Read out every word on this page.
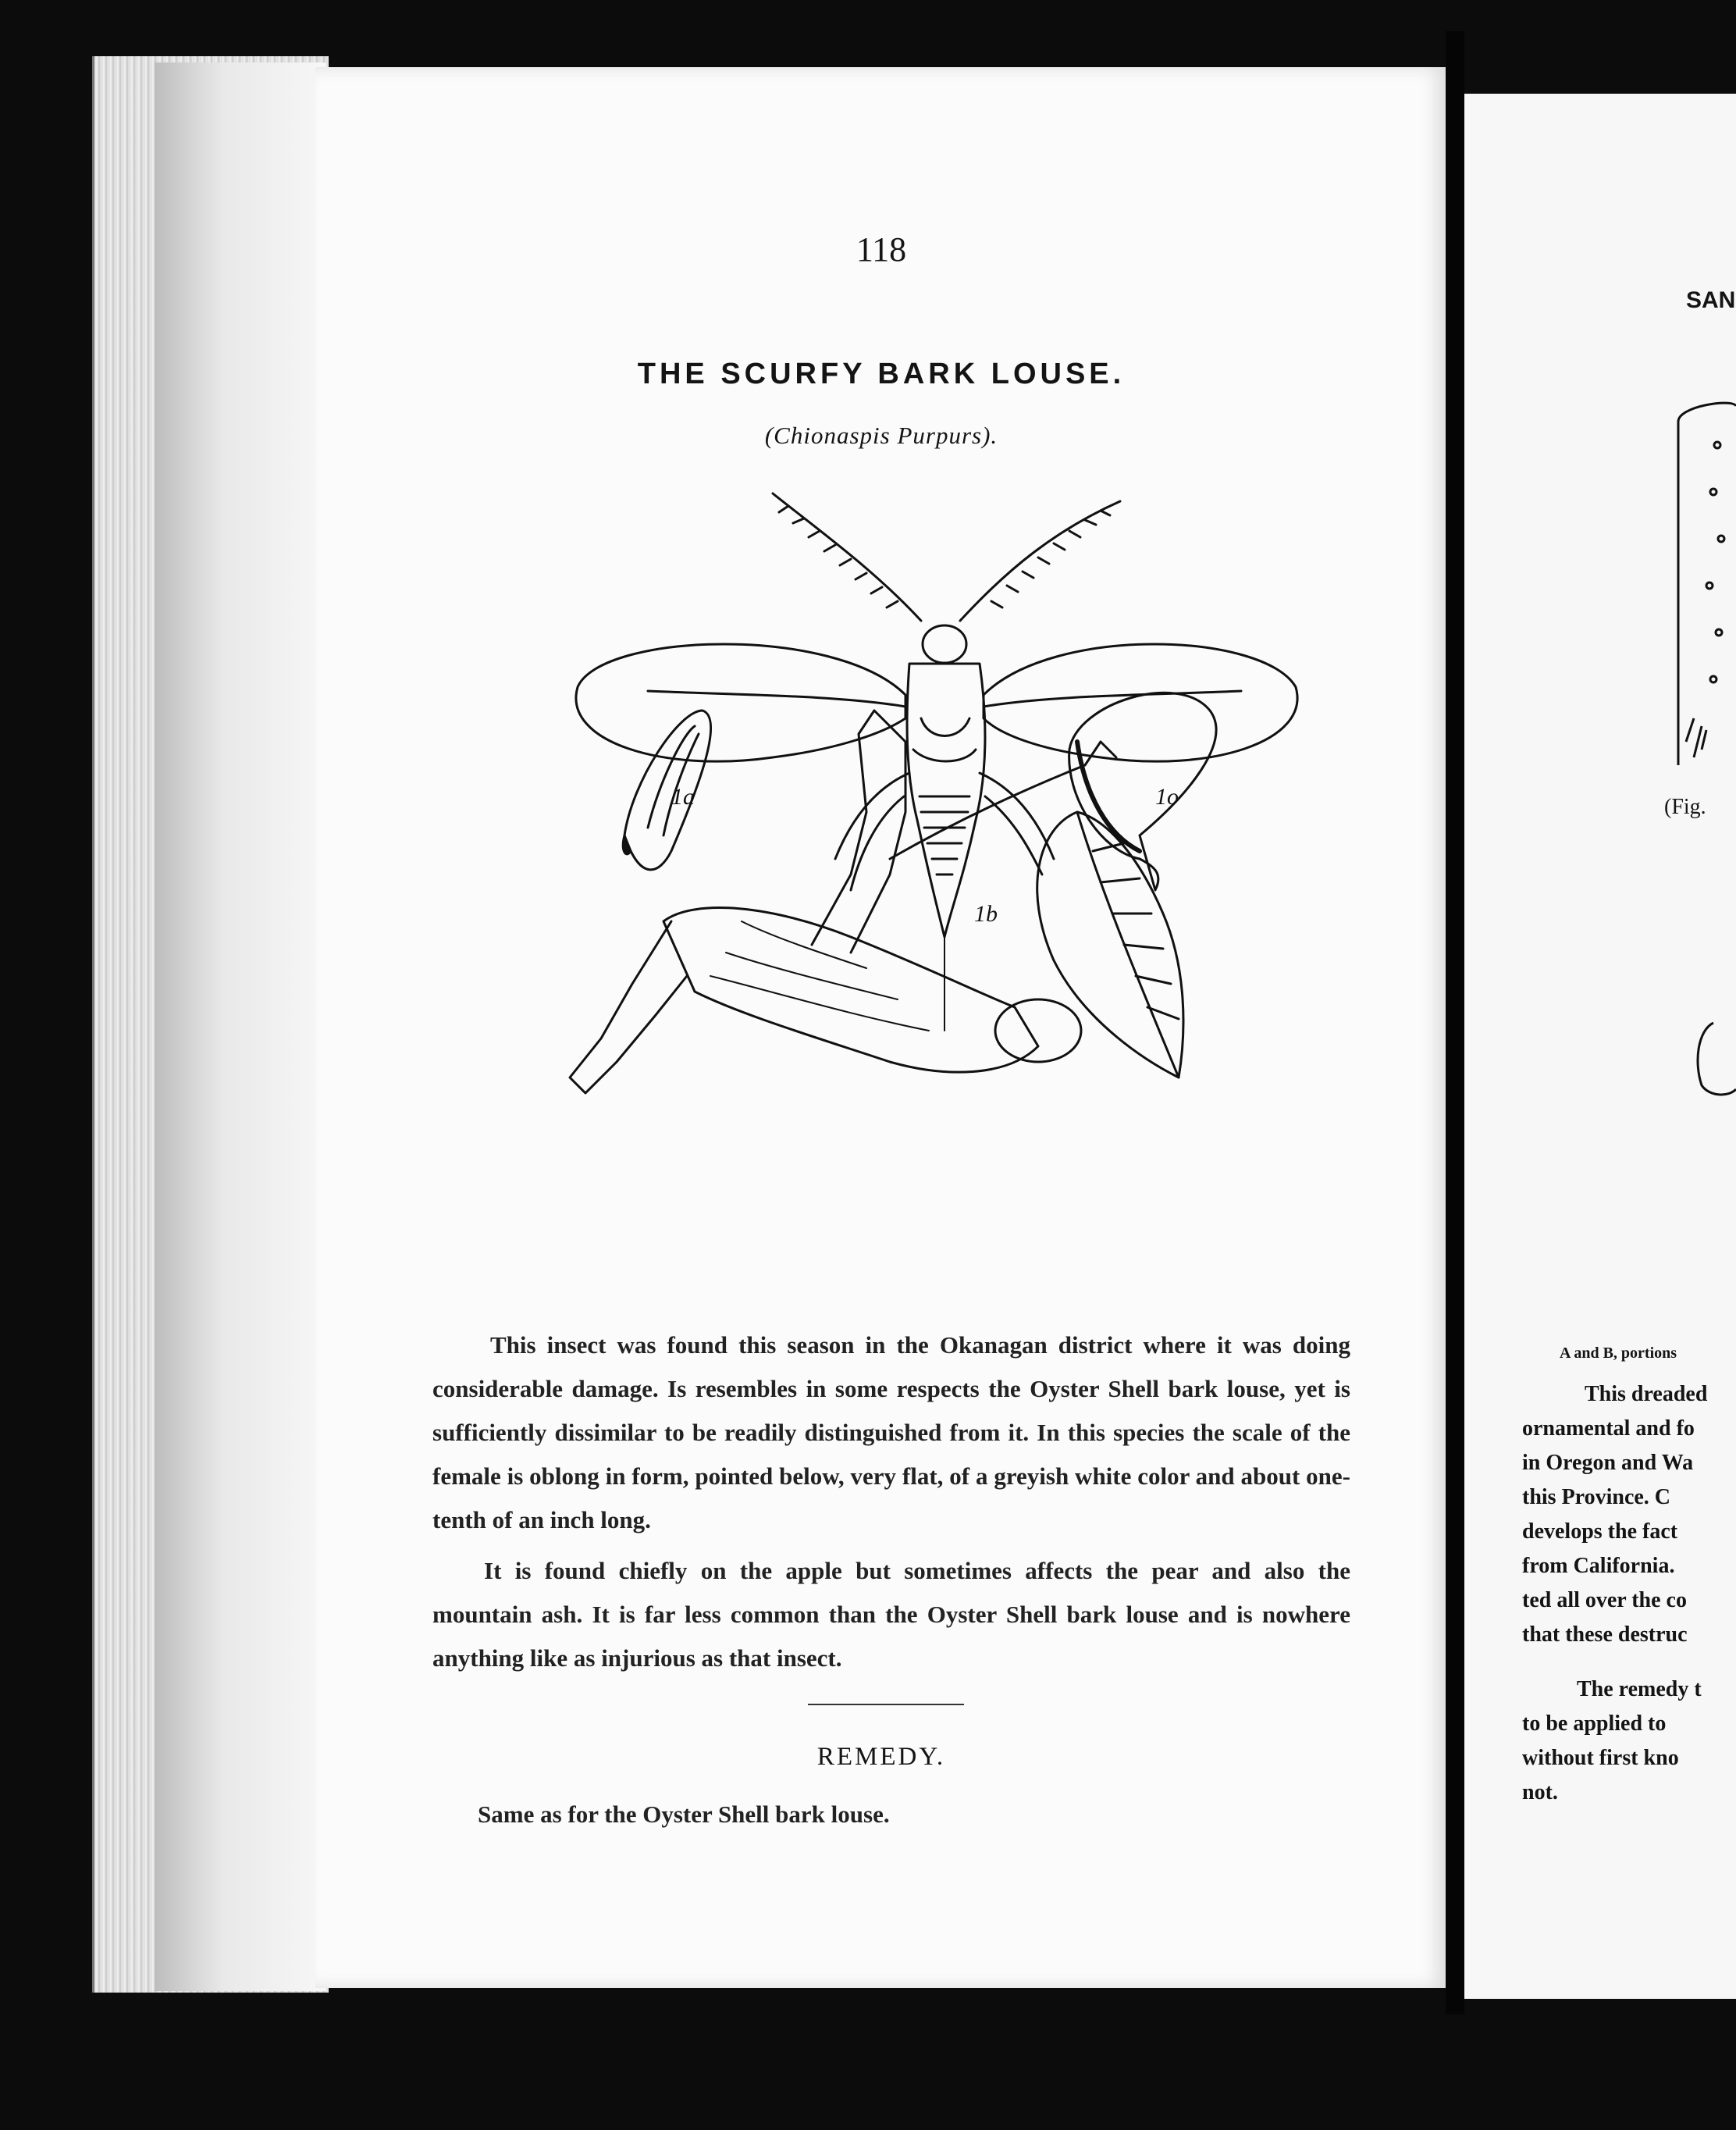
118
THE SCURFY BARK LOUSE.
(Chionaspis Purpurs).
1b
1a	1o
This insect was found this season in the Okanagan district where it was doing considerable damage. Is resembles in some respects the Oyster Shell bark louse, yet is sufficiently dissimilar to be readily distinguished from it. In this species the scale of the female is oblong in form, pointed below, very flat, of a greyish white color and about one-tenth of an inch long.
It is found chiefly on the apple but sometimes affects the pear and also the mountain ash. It is far less common than the Oyster Shell bark louse and is nowhere anything like as injurious as that insect.
REMEDY.
Same as for the Oyster Shell bark louse.
SAN
(Fig.
A and B, portions
This dreaded
ornamental and fo
in Oregon and Wa
this Province. C
develops the fact
from California.
ted all over the co
that these destruc
The remedy t
to be applied to
without first kno
not.
